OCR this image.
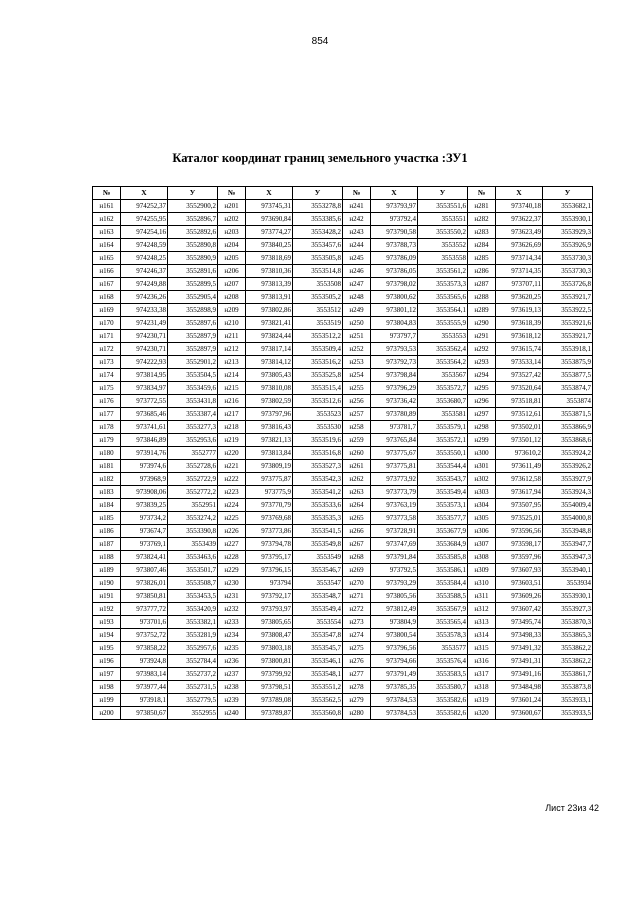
854
Каталог координат границ земельного участка :ЗУ1
№	X	У	№	X	У	№	X	У	№	X	У
н161	974252,37	3552900,2	н201	973745,31	3553278,8	н241	973793,97	3553551,6	н281	973740,18	3553682,1
н162	974255,95	3552896,7	н202	973690,84	3553385,6	н242	973792,4	3553551	н282	973622,37	3553930,1
н163	974254,16	3552892,6	н203	973774,27	3553428,2	н243	973790,58	3553550,2	н283	973623,49	3553929,3
н164	974248,59	3552890,8	н204	973840,25	3553457,6	н244	973788,73	3553552	н284	973626,69	3553926,9
н165	974248,25	3552890,9	н205	973818,69	3553505,8	н245	973786,09	3553558	н285	973714,34	3553730,3
н166	974246,37	3552891,6	н206	973810,36	3553514,8	н246	973786,05	3553561,2	н286	973714,35	3553730,3
н167	974249,88	3552899,5	н207	973813,39	3553508	н247	973798,02	3553573,3	н287	973707,11	3553726,8
н168	974236,26	3552905,4	н208	973813,91	3553505,2	н248	973800,62	3553565,6	н288	973620,25	3553921,7
н169	974233,38	3552898,9	н209	973802,86	3553512	н249	973801,12	3553564,1	н289	973619,13	3553922,5
н170	974231,49	3552897,6	н210	973821,41	3553519	н250	973804,83	3553555,9	н290	973618,39	3553921,6
н171	974230,71	3552897,9	н211	973824,44	3553512,2	н251	973797,7	3553553	н291	973618,12	3553921,7
н172	974230,71	3552897,9	н212	973817,14	3553509,4	н252	973793,53	3553562,4	н292	973615,74	3553918,1
н173	974222,93	3552901,2	н213	973814,12	3553516,2	н253	973792,73	3553564,2	н293	973533,14	3553875,9
н174	973814,95	3553504,5	н214	973805,43	3553525,8	н254	973798,84	3553567	н294	973527,42	3553877,5
н175	973834,97	3553459,6	н215	973810,08	3553515,4	н255	973796,29	3553572,7	н295	973520,64	3553874,7
н176	973772,55	3553431,8	н216	973802,59	3553512,6	н256	973736,42	3553680,7	н296	973518,81	3553874
н177	973685,46	3553387,4	н217	973797,96	3553523	н257	973780,89	3553581	н297	973512,61	3553871,5
н178	973741,61	3553277,3	н218	973816,43	3553530	н258	973781,7	3553579,1	н298	973502,01	3553866,9
н179	973846,89	3552953,6	н219	973821,13	3553519,6	н259	973765,84	3553572,1	н299	973501,12	3553868,6
н180	973914,76	3552777	н220	973813,84	3553516,8	н260	973775,67	3553550,1	н300	973610,2	3553924,2
н181	973974,6	3552728,6	н221	973809,19	3553527,3	н261	973775,81	3553544,4	н301	973611,49	3553926,2
н182	973968,9	3552722,9	н222	973775,87	3553542,3	н262	973773,92	3553543,7	н302	973612,58	3553927,9
н183	973908,06	3552772,2	н223	973775,9	3553541,2	н263	973773,79	3553549,4	н303	973617,94	3553924,3
н184	973839,25	3552951	н224	973770,79	3553533,6	н264	973763,19	3553573,1	н304	973507,95	3554009,4
н185	973734,2	3553274,2	н225	973769,68	3553535,3	н265	973773,58	3553577,7	н305	973525,01	3554000,8
н186	973674,7	3553390,8	н226	973773,86	3553541,5	н266	973728,91	3553677,9	н306	973596,56	3553948,8
н187	973769,1	3553439	н227	973794,78	3553549,8	н267	973747,69	3553684,9	н307	973598,17	3553947,7
н188	973824,41	3553463,6	н228	973795,17	3553549	н268	973791,84	3553585,8	н308	973597,96	3553947,3
н189	973807,46	3553501,7	н229	973796,15	3553546,7	н269	973792,5	3553586,1	н309	973607,93	3553940,1
н190	973826,01	3553508,7	н230	973794	3553547	н270	973793,29	3553584,4	н310	973603,51	3553934
н191	973850,81	3553453,5	н231	973792,17	3553548,7	н271	973805,56	3553588,5	н311	973609,26	3553930,1
н192	973777,72	3553420,9	н232	973793,97	3553549,4	н272	973812,49	3553567,9	н312	973607,42	3553927,3
н193	973701,6	3553382,1	н233	973805,65	3553554	н273	973804,9	3553565,4	н313	973495,74	3553870,3
н194	973752,72	3553281,9	н234	973808,47	3553547,8	н274	973800,54	3553578,3	н314	973498,33	3553865,3
н195	973858,22	3552957,6	н235	973803,18	3553545,7	н275	973796,56	3553577	н315	973491,32	3553862,2
н196	973924,8	3552784,4	н236	973800,81	3553546,1	н276	973794,66	3553576,4	н316	973491,31	3553862,2
н197	973983,14	3552737,2	н237	973799,92	3553548,1	н277	973791,49	3553583,5	н317	973491,16	3553861,7
н198	973977,44	3552731,5	н238	973798,51	3553551,2	н278	973785,35	3553580,7	н318	973484,98	3553873,8
н199	973918,1	3552779,5	н239	973789,08	3553562,5	н279	973784,53	3553582,6	н319	973601,24	3553933,1
н200	973850,67	3552955	н240	973789,87	3553560,8	н280	973784,53	3553582,6	н320	973600,67	3553933,5
Лист 23из 42
